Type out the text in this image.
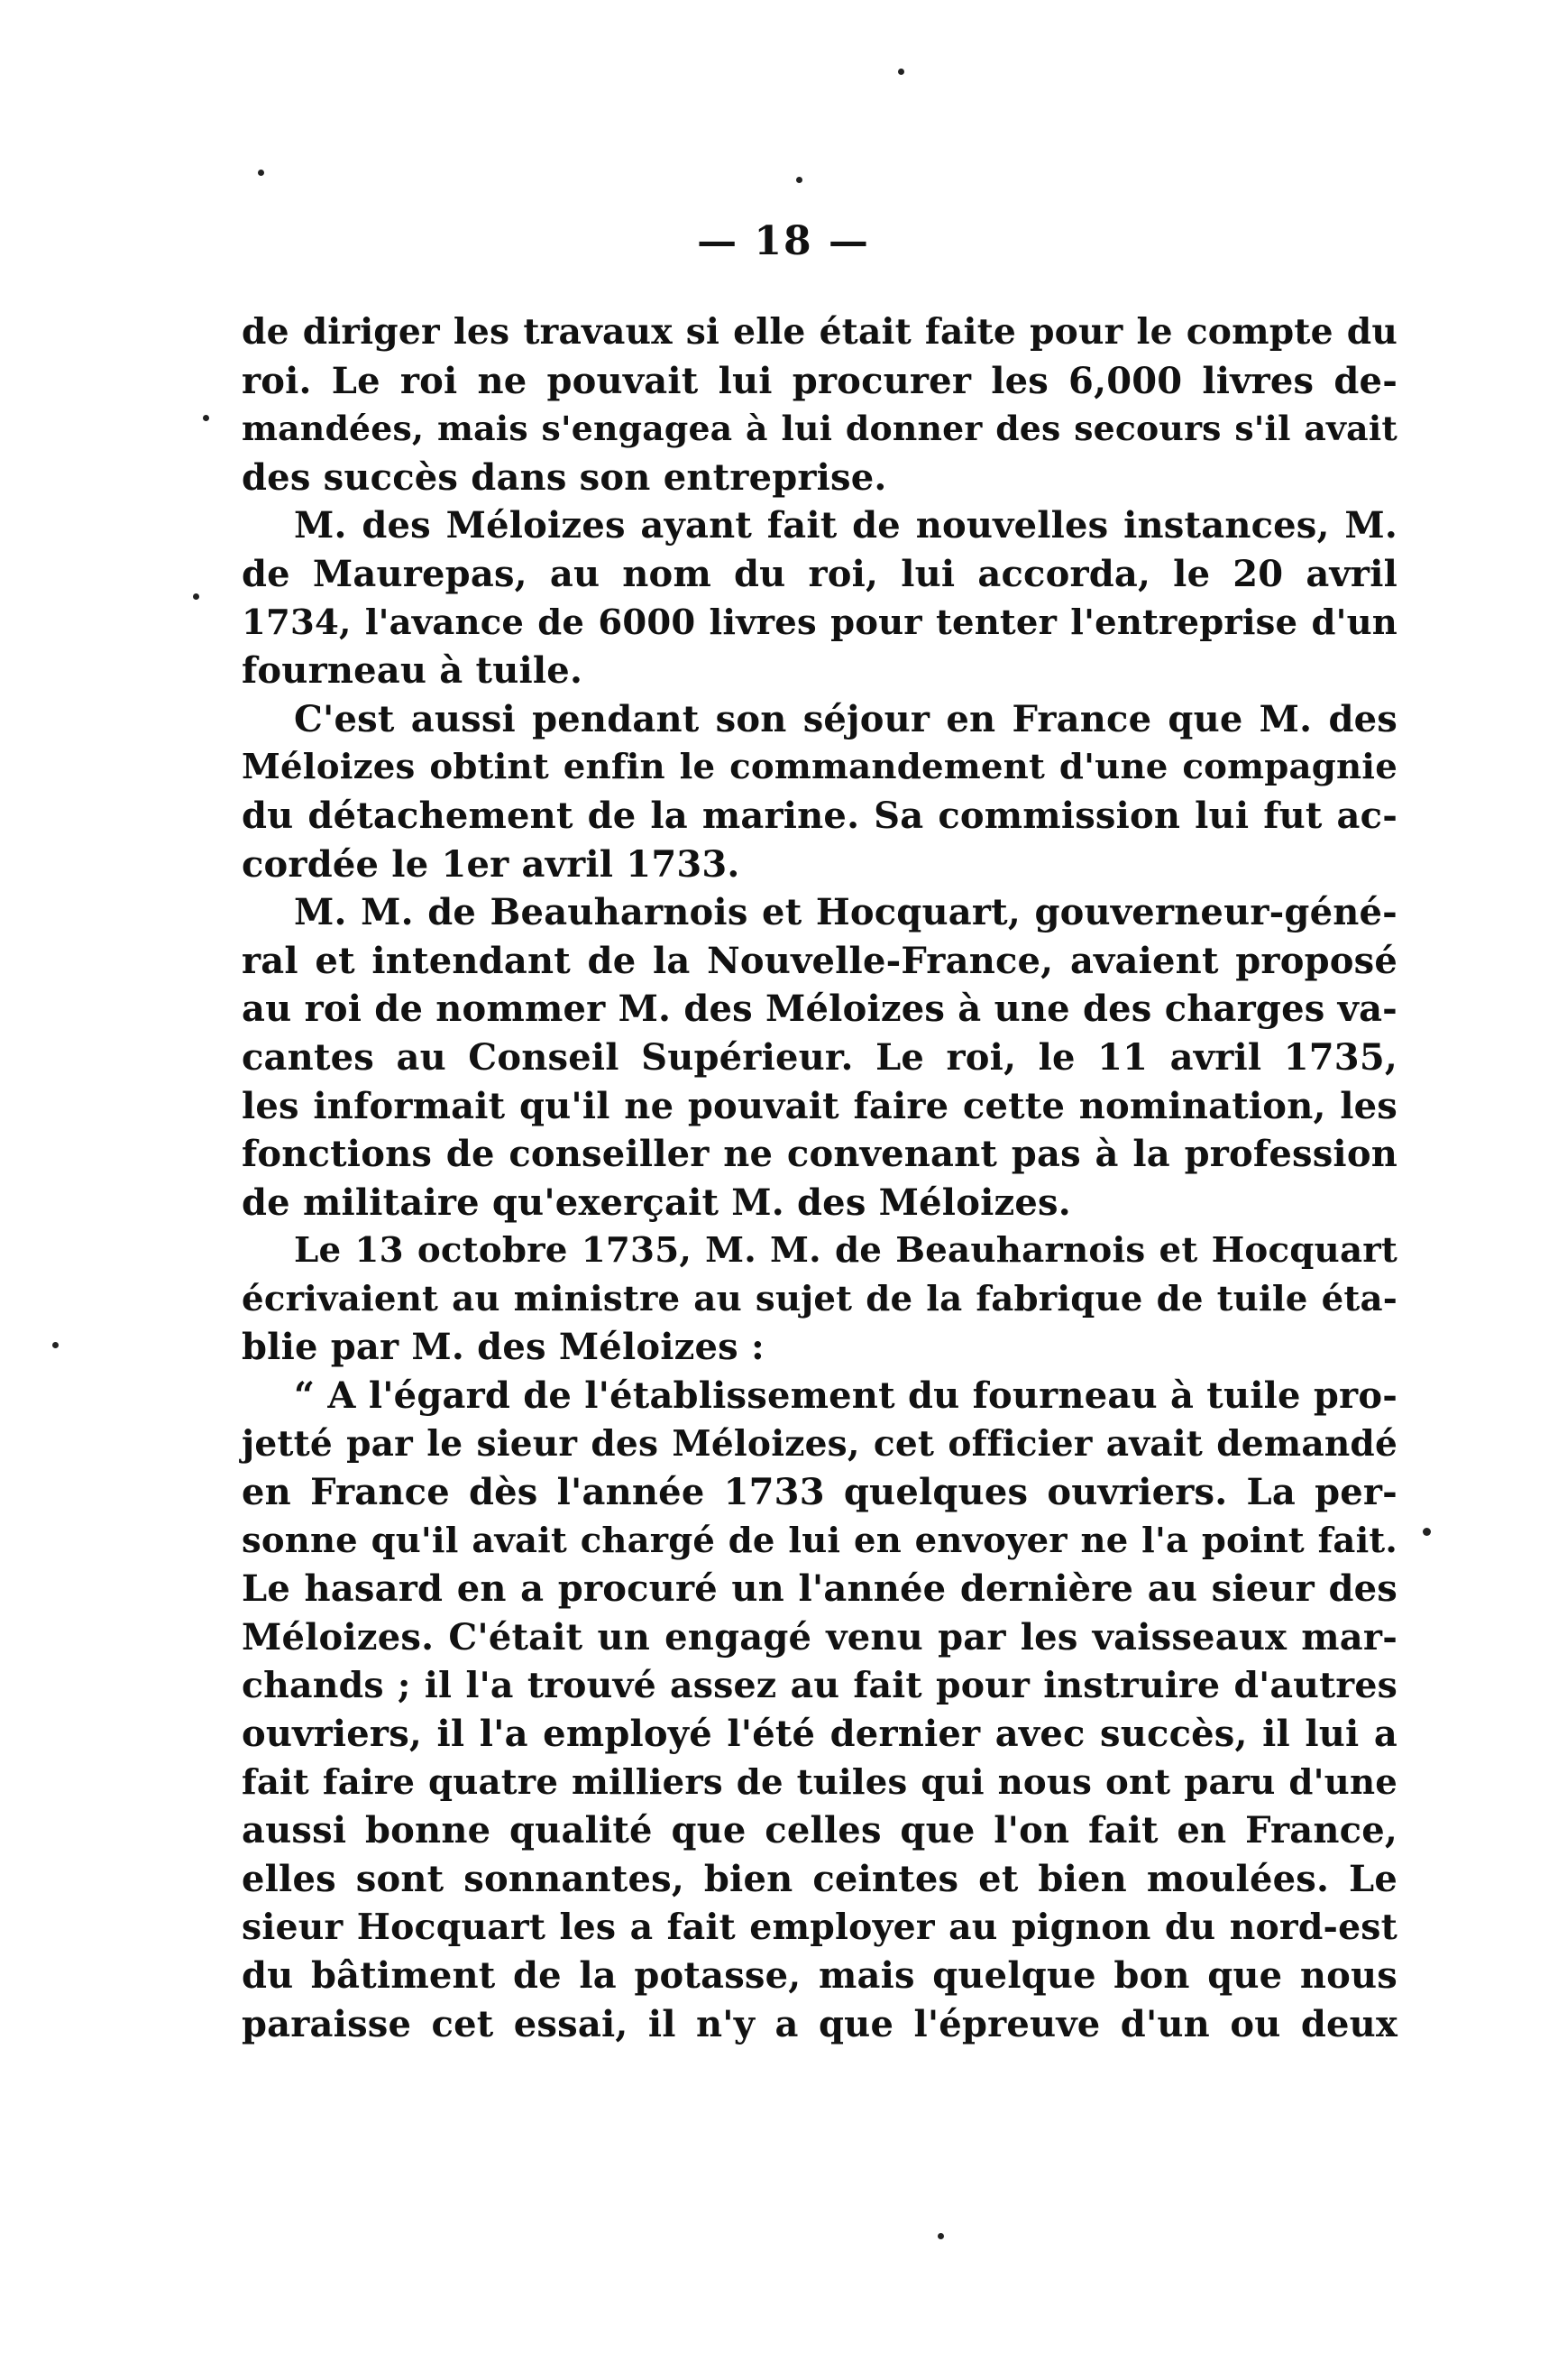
— 18 —
de diriger les travaux si elle était faite pour le compte du
roi. Le roi ne pouvait lui procurer les 6,000 livres de-
mandées, mais s'engagea à lui donner des secours s'il avait
des succès dans son entreprise.
M. des Méloizes ayant fait de nouvelles instances, M.
de Maurepas, au nom du roi, lui accorda, le 20 avril
1734, l'avance de 6000 livres pour tenter l'entreprise d'un
fourneau à tuile.
C'est aussi pendant son séjour en France que M. des
Méloizes obtint enfin le commandement d'une compagnie
du détachement de la marine. Sa commission lui fut ac-
cordée le 1er avril 1733.
M. M. de Beauharnois et Hocquart, gouverneur-géné-
ral et intendant de la Nouvelle-France, avaient proposé
au roi de nommer M. des Méloizes à une des charges va-
cantes au Conseil Supérieur. Le roi, le 11 avril 1735,
les informait qu'il ne pouvait faire cette nomination, les
fonctions de conseiller ne convenant pas à la profession
de militaire qu'exerçait M. des Méloizes.
Le 13 octobre 1735, M. M. de Beauharnois et Hocquart
écrivaient au ministre au sujet de la fabrique de tuile éta-
blie par M. des Méloizes :
“ A l'égard de l'établissement du fourneau à tuile pro-
jetté par le sieur des Méloizes, cet officier avait demandé
en France dès l'année 1733 quelques ouvriers. La per-
sonne qu'il avait chargé de lui en envoyer ne l'a point fait.
Le hasard en a procuré un l'année dernière au sieur des
Méloizes. C'était un engagé venu par les vaisseaux mar-
chands ; il l'a trouvé assez au fait pour instruire d'autres
ouvriers, il l'a employé l'été dernier avec succès, il lui a
fait faire quatre milliers de tuiles qui nous ont paru d'une
aussi bonne qualité que celles que l'on fait en France,
elles sont sonnantes, bien ceintes et bien moulées. Le
sieur Hocquart les a fait employer au pignon du nord-est
du bâtiment de la potasse, mais quelque bon que nous
paraisse cet essai, il n'y a que l'épreuve d'un ou deux
